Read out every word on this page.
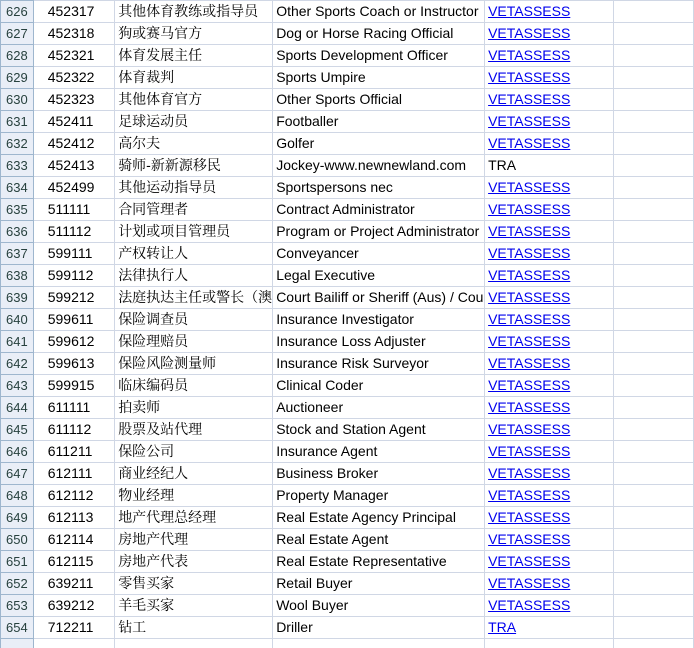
626	452317	其他体育教练或指导员	Other Sports Coach or Instructor	VETASSESS	
627	452318	狗或赛马官方	Dog or Horse Racing Official	VETASSESS	
628	452321	体育发展主任	Sports Development Officer	VETASSESS	
629	452322	体育裁判	Sports Umpire	VETASSESS	
630	452323	其他体育官方	Other Sports Official	VETASSESS	
631	452411	足球运动员	Footballer	VETASSESS	
632	452412	高尔夫	Golfer	VETASSESS	
633	452413	骑师-新新源移民	Jockey-www.newnewland.com	TRA	
634	452499	其他运动指导员	Sportspersons nec	VETASSESS	
635	511111	合同管理者	Contract Administrator	VETASSESS	
636	511112	计划或项目管理员	Program or Project Administrator	VETASSESS	
637	599111	产权转让人	Conveyancer	VETASSESS	
638	599112	法律执行人	Legal Executive	VETASSESS	
639	599212	法庭执达主任或警长（澳	Court Bailiff or Sheriff (Aus) / Cou	VETASSESS	
640	599611	保险调查员	Insurance Investigator	VETASSESS	
641	599612	保险理赔员	Insurance Loss Adjuster	VETASSESS	
642	599613	保险风险测量师	Insurance Risk Surveyor	VETASSESS	
643	599915	临床编码员	Clinical Coder	VETASSESS	
644	611111	拍卖师	Auctioneer	VETASSESS	
645	611112	股票及站代理	Stock and Station Agent	VETASSESS	
646	611211	保险公司	Insurance Agent	VETASSESS	
647	612111	商业经纪人	Business Broker	VETASSESS	
648	612112	物业经理	Property Manager	VETASSESS	
649	612113	地产代理总经理	Real Estate Agency Principal	VETASSESS	
650	612114	房地产代理	Real Estate Agent	VETASSESS	
651	612115	房地产代表	Real Estate Representative	VETASSESS	
652	639211	零售买家	Retail Buyer	VETASSESS	
653	639212	羊毛买家	Wool Buyer	VETASSESS	
654	712211	钻工	Driller	TRA	
